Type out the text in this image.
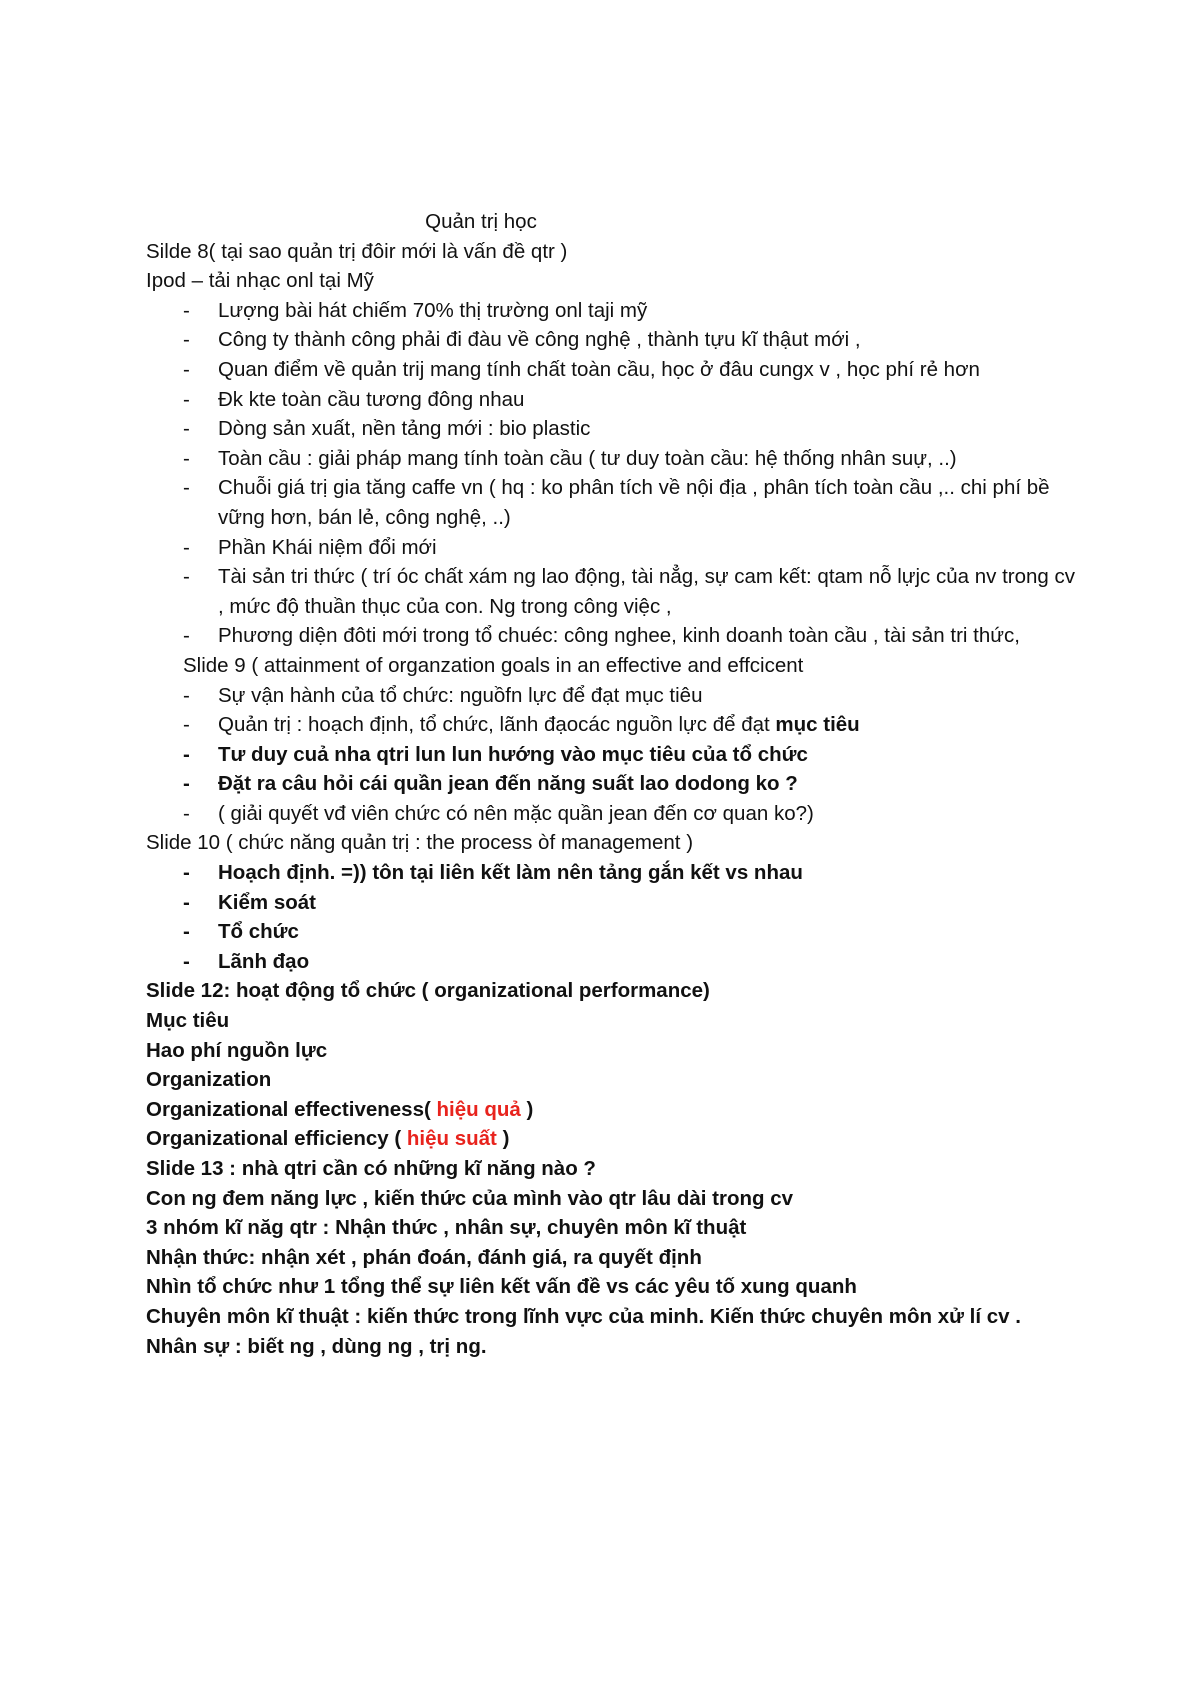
Quản trị học
Silde 8( tại sao quản trị đôir mới là vấn đề qtr )
Ipod – tải nhạc onl tại Mỹ
- Lượng bài hát chiếm 70% thị trường onl taji mỹ
- Công ty thành công phải đi đàu về công nghệ , thành tựu kĩ thậut mới ,
- Quan điểm về quản trij mang tính chất toàn cầu, học ở đâu cungx v , học phí rẻ hơn
- Đk kte toàn cầu tương đông nhau
- Dòng sản xuất, nền tảng mới : bio plastic
- Toàn cầu : giải pháp mang tính toàn cầu ( tư duy toàn cầu: hệ thống nhân suự, ..)
- Chuỗi giá trị gia tăng caffe vn ( hq : ko phân tích về nội địa , phân tích toàn cầu ,.. chi phí bề vững hơn, bán lẻ, công nghệ, ..)
- Phần Khái niệm đổi mới
- Tài sản tri thức ( trí óc chất xám ng lao động, tài nẳg, sự cam kết: qtam nỗ lựjc của nv trong cv , mức độ thuần thục của con. Ng trong công việc ,
- Phương diện đôti mới trong tổ chuéc: công nghee, kinh doanh toàn cầu , tài sản tri thức,
Slide 9 ( attainment of organzation goals in an effective and effcicent
- Sự vận hành của tổ chức: nguồfn lực để đạt mục tiêu
- Quản trị : hoạch định, tổ chức, lãnh đạocác nguồn lực để đạt mục tiêu
- Tư duy cuả nha qtri lun lun hướng vào mục tiêu của tổ chức
- Đặt ra câu hỏi cái quần jean đến năng suất lao dodong ko ?
- ( giải quyết vđ viên chức có nên mặc quần jean đến cơ quan ko?)
Slide 10 ( chức năng quản trị : the process òf management )
- Hoạch định. =)) tôn tại liên kết làm nên tảng gắn kết vs nhau
- Kiểm soát
- Tổ chức
- Lãnh đạo
Slide 12: hoạt động tổ chức ( organizational performance)
Mục tiêu
Hao phí nguồn lực
Organization
Organizational effectiveness( hiệu quả )
Organizational efficiency ( hiệu suất )
Slide 13 : nhà qtri cần có những kĩ năng nào ?
Con ng đem năng lực , kiến thức của mình vào qtr lâu dài trong cv
3 nhóm kĩ năg qtr : Nhận thức , nhân sự, chuyên môn kĩ thuật
Nhận thức: nhận xét , phán đoán, đánh giá, ra quyết định
Nhìn tổ chức như 1 tổng thể sự liên kết vấn đề vs các yêu tố xung quanh
Chuyên môn kĩ thuật : kiến thức trong lĩnh vực của minh. Kiến thức chuyên môn xử lí cv .
Nhân sự : biết ng , dùng ng , trị ng.
